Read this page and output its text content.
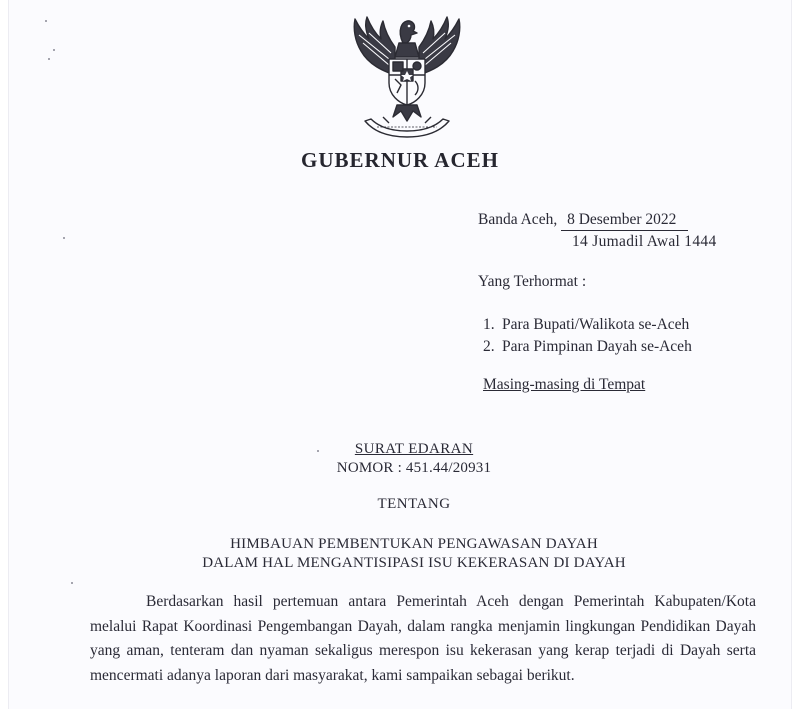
GUBERNUR ACEH
Banda Aceh, 8 Desember 2022
14 Jumadil Awal 1444
Yang Terhormat :
1. Para Bupati/Walikota se-Aceh
2. Para Pimpinan Dayah se-Aceh
Masing-masing di Tempat
SURAT EDARAN
NOMOR : 451.44/20931
TENTANG
HIMBAUAN PEMBENTUKAN PENGAWASAN DAYAH
DALAM HAL MENGANTISIPASI ISU KEKERASAN DI DAYAH

Berdasarkan hasil pertemuan antara Pemerintah Aceh dengan Pemerintah Kabupaten/Kota melalui Rapat Koordinasi Pengembangan Dayah, dalam rangka menjamin lingkungan Pendidikan Dayah yang aman, tenteram dan nyaman sekaligus merespon isu kekerasan yang kerap terjadi di Dayah serta mencermati adanya laporan dari masyarakat, kami sampaikan sebagai berikut.
